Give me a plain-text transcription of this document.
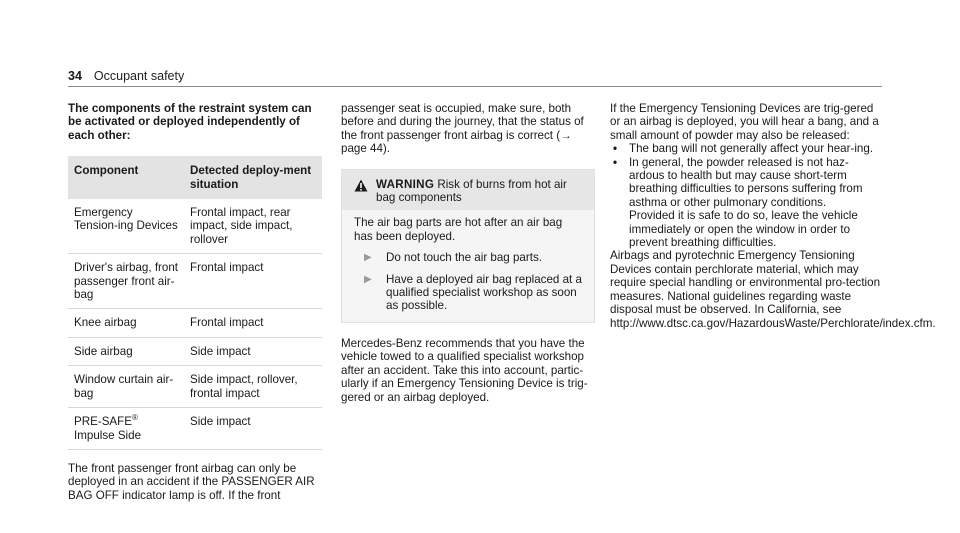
34 Occupant safety

The components of the restraint system can be activated or deployed independently of each other:

Component	Detected deploy-ment situation
Emergency Tension-ing Devices	Frontal impact, rear impact, side impact, rollover
Driver's airbag, front passenger front air-bag	Frontal impact
Knee airbag	Frontal impact
Side airbag	Side impact
Window curtain air-bag	Side impact, rollover, frontal impact
PRE-SAFE® Impulse Side	Side impact

The front passenger front airbag can only be deployed in an accident if the PASSENGER AIR BAG OFF indicator lamp is off. If the front

passenger seat is occupied, make sure, both before and during the journey, that the status of the front passenger front airbag is correct (→ page 44).

WARNING Risk of burns from hot air bag components

The air bag parts are hot after an air bag has been deployed.

▶	Do not touch the air bag parts.
▶	Have a deployed air bag replaced at a qualified specialist workshop as soon as possible.

Mercedes-Benz recommends that you have the vehicle towed to a qualified specialist workshop after an accident. Take this into account, partic-ularly if an Emergency Tensioning Device is trig-gered or an airbag deployed.

If the Emergency Tensioning Devices are trig-gered or an airbag is deployed, you will hear a bang, and a small amount of powder may also be released:

•	The bang will not generally affect your hear-ing.
•	In general, the powder released is not haz-ardous to health but may cause short-term breathing difficulties to persons suffering from asthma or other pulmonary conditions.

Provided it is safe to do so, leave the vehicle immediately or open the window in order to prevent breathing difficulties.

Airbags and pyrotechnic Emergency Tensioning Devices contain perchlorate material, which may require special handling or environmental pro-tection measures. National guidelines regarding waste disposal must be observed. In California, see http://www.dtsc.ca.gov/HazardousWaste/Perchlorate/index.cfm.
